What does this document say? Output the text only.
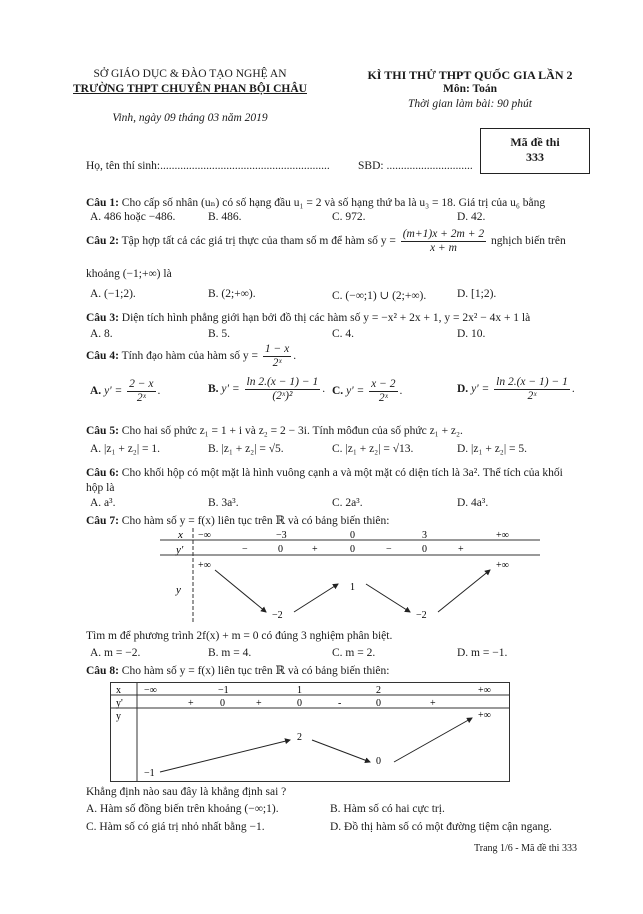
SỞ GIÁO DỤC & ĐÀO TẠO NGHỆ AN
TRƯỜNG THPT CHUYÊN PHAN BỘI CHÂU
Vinh, ngày 09 tháng 03 năm 2019
KÌ THI THỬ THPT QUỐC GIA LẦN 2
Môn: Toán
Thời gian làm bài: 90 phút
Mã đề thi
333
Họ, tên thí sinh:........................................................... SBD: ..............................
Câu 1: Cho cấp số nhân (uₙ) có số hạng đầu u₁ = 2 và số hạng thứ ba là u₃ = 18. Giá trị của u₆ bằng
A. 486 hoặc −486.	B. 486.	C. 972.	D. 42.
Câu 2: Tập hợp tất cả các giá trị thực của tham số m để hàm số $y = \frac{(m+1)x + 2m + 2}{x + m}$ nghịch biến trên
khoảng (−1;+∞) là
A. (−1;2).	B. (2;+∞).	C. (−∞;1) ∪ (2;+∞).	D. [1;2).
Câu 3: Diện tích hình phẳng giới hạn bởi đồ thị các hàm số y = −x² + 2x + 1, y = 2x² − 4x + 1 là
A. 8.	B. 5.	C. 4.	D. 10.
Câu 4: Tính đạo hàm của hàm số $y = \frac{1 - x}{\text{2ˣ}}$ .
A. $y' = \frac{2 - x}{\text{2ˣ}}$ .	B. $y' = \frac{\ln 2.(x - 1) - 1}{\text{(2ˣ)²}}$ . C. $y' = \frac{x - 2}{\text{2ˣ}}$ .	D. $y' = \frac{\ln 2.(x - 1) - 1}{\text{2ˣ}}$ .
Câu 5: Cho hai số phức z₁ = 1 + i và z₂ = 2 − 3i. Tính môđun của số phức z₁ + z₂.
A. |z₁ + z₂| = 1.	B. |z₁ + z₂| = √5.	C. |z₁ + z₂| = √13.	D. |z₁ + z₂| = 5.
Câu 6: Cho khối hộp có một mặt là hình vuông cạnh a và một mặt có diện tích là 3a². Thể tích của khối
hộp là
A. a³.	B. 3a³.	C. 2a³.	D. 4a³.
Câu 7: Cho hàm số y = f(x) liên tục trên ℝ và có bảng biến thiên:
x
y'
y
−∞	−3	0	3	+∞
−	0	+	0	−	0	+
+∞
−2
1
−2
+∞
Tìm m để phương trình 2f(x) + m = 0 có đúng 3 nghiệm phân biệt.
A. m = −2.	B. m = 4.	C. m = 2.	D. m = −1.
Câu 8: Cho hàm số y = f(x) liên tục trên ℝ và có bảng biến thiên:
x
y'
y
−∞	−1	1	2	+∞
+	0	+	0	-	0	+
−1
2
0
+∞
Khẳng định nào sau đây là khẳng định sai ?
A. Hàm số đồng biến trên khoảng (−∞;1).	B. Hàm số có hai cực trị.
C. Hàm số có giá trị nhỏ nhất bằng −1.	D. Đồ thị hàm số có một đường tiệm cận ngang.
Trang 1/6 - Mã đề thi 333
